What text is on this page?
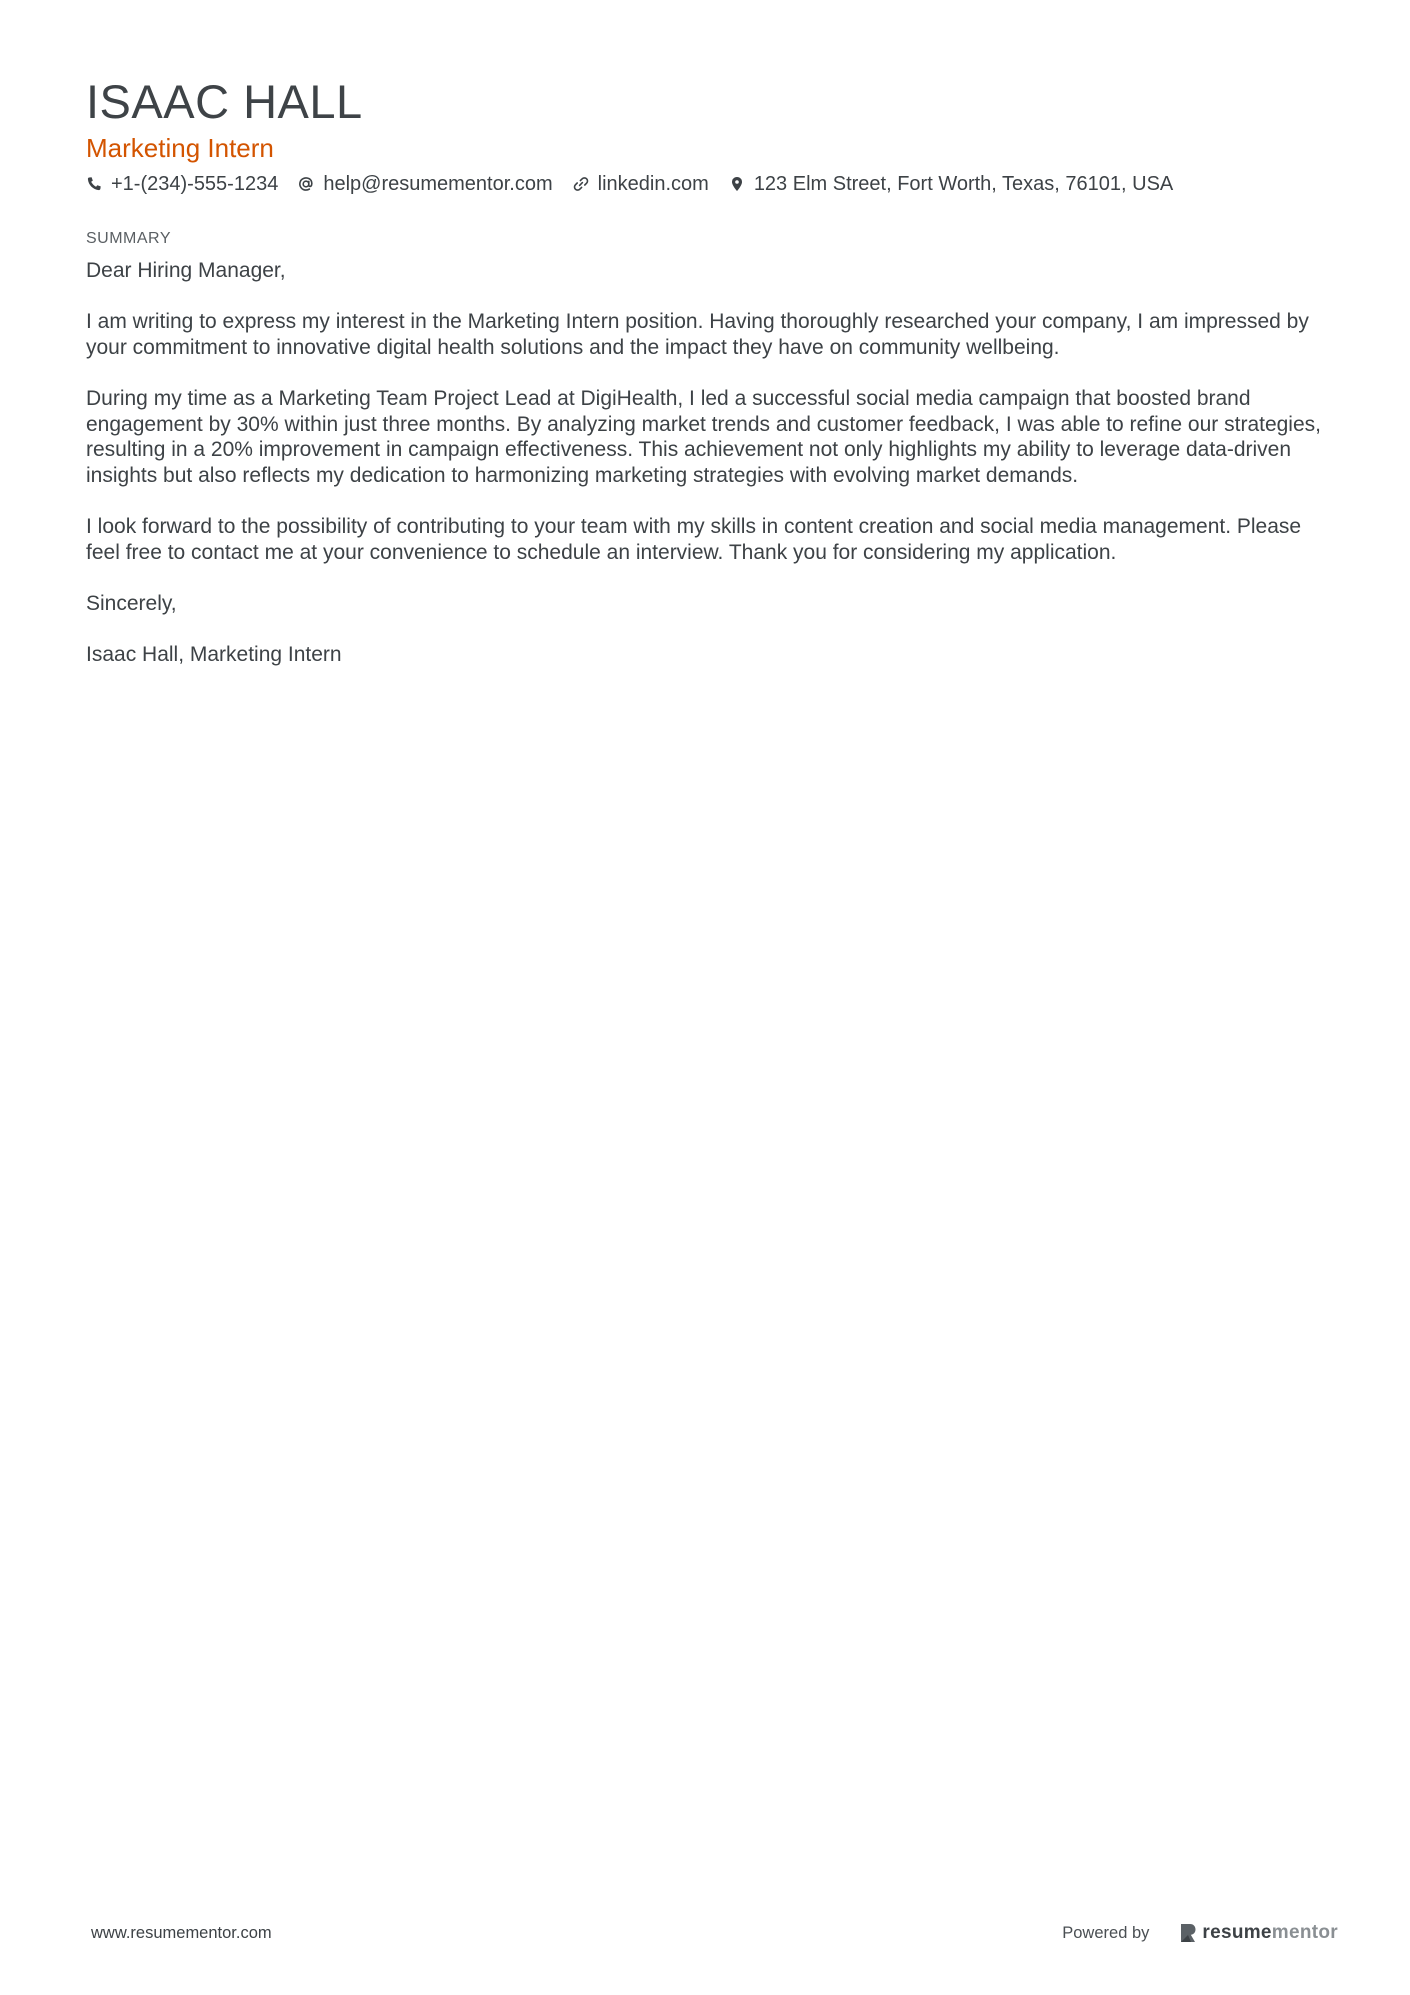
ISAAC HALL
Marketing Intern
+1-(234)-555-1234 help@resumementor.com linkedin.com 123 Elm Street, Fort Worth, Texas, 76101, USA
SUMMARY

Dear Hiring Manager,

I am writing to express my interest in the Marketing Intern position. Having thoroughly researched your company, I am impressed by your commitment to innovative digital health solutions and the impact they have on community wellbeing.

During my time as a Marketing Team Project Lead at DigiHealth, I led a successful social media campaign that boosted brand engagement by 30% within just three months. By analyzing market trends and customer feedback, I was able to refine our strategies, resulting in a 20% improvement in campaign effectiveness. This achievement not only highlights my ability to leverage data-driven insights but also reflects my dedication to harmonizing marketing strategies with evolving market demands.

I look forward to the possibility of contributing to your team with my skills in content creation and social media management. Please feel free to contact me at your convenience to schedule an interview. Thank you for considering my application.

Sincerely,

Isaac Hall, Marketing Intern

www.resumementor.com	Powered by	resumementor
